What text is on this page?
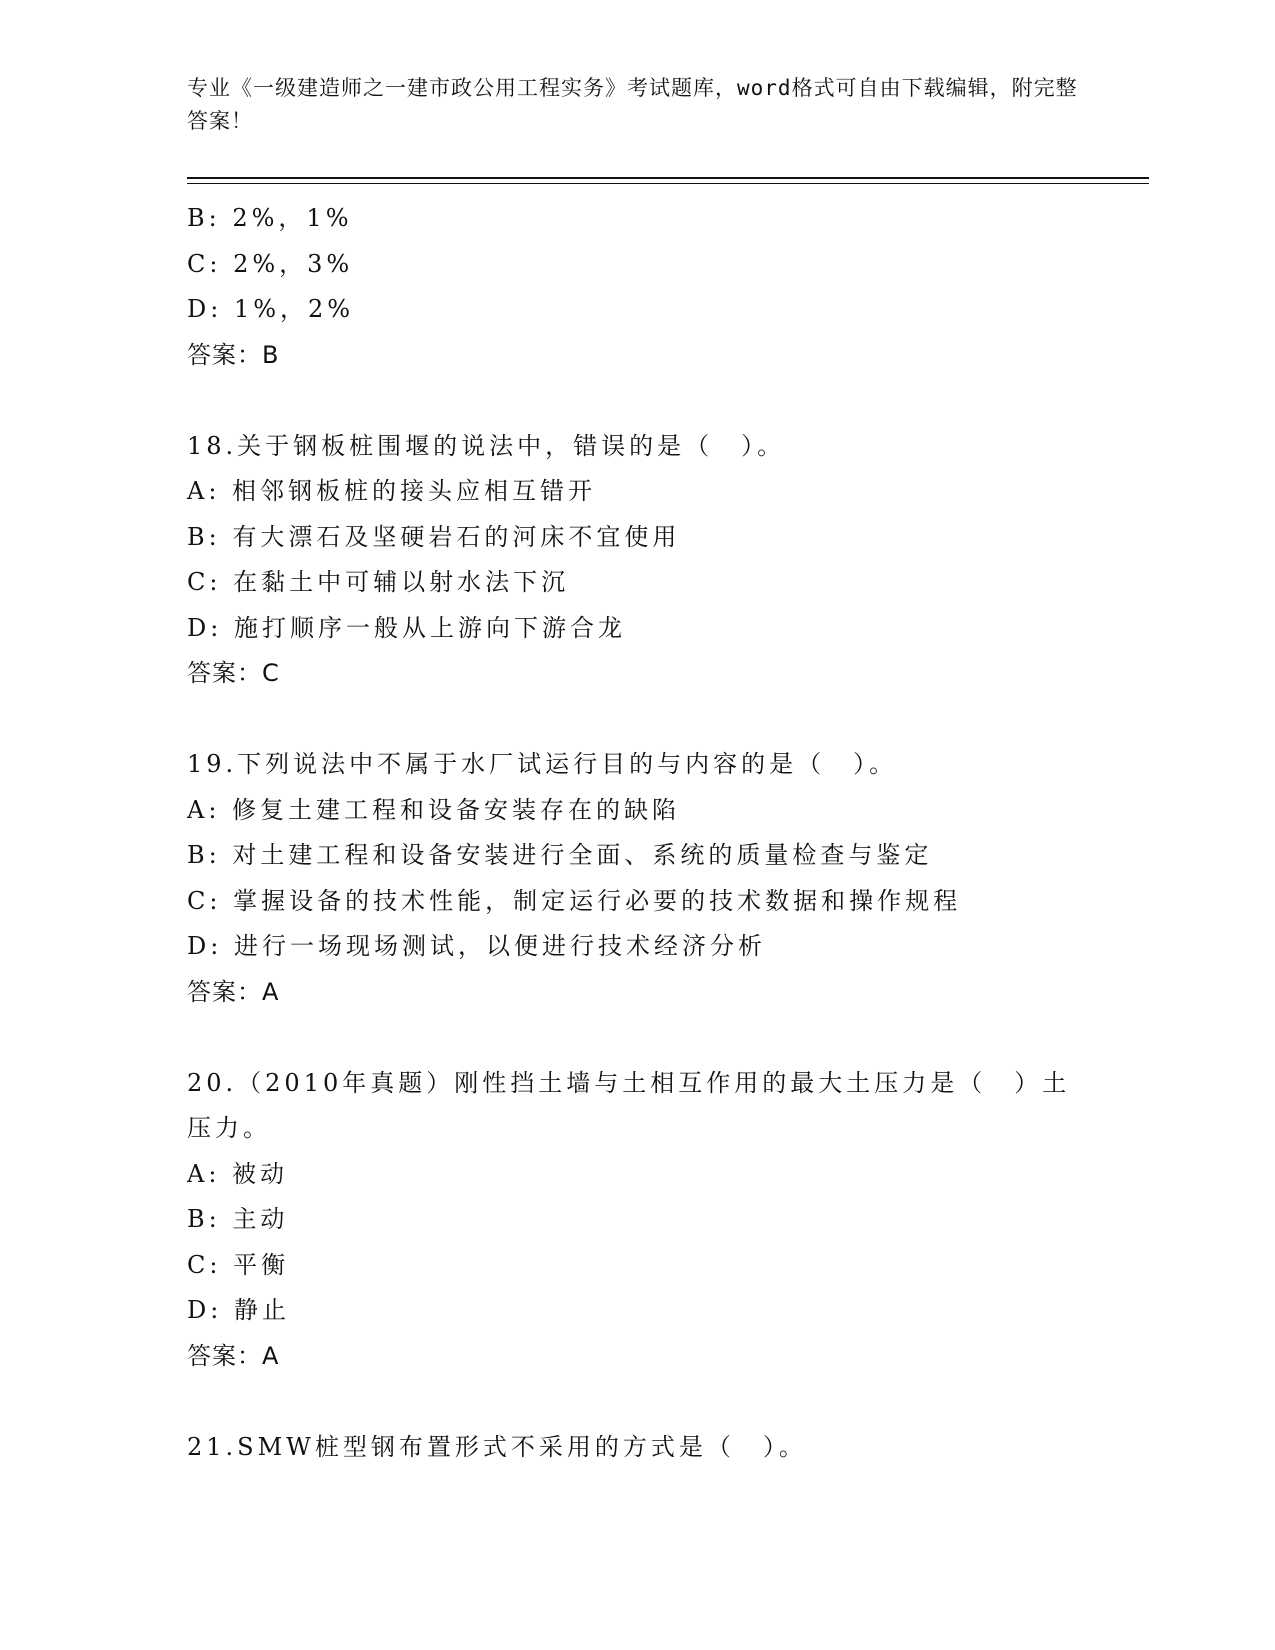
专业《一级建造师之一建市政公用工程实务》考试题库，word格式可自由下载编辑，附完整答案！
B: 2%，1%
C: 2%，3%
D: 1%，2%
答案：B
18.关于钢板桩围堰的说法中，错误的是（　）。
A: 相邻钢板桩的接头应相互错开
B: 有大漂石及坚硬岩石的河床不宜使用
C: 在黏土中可辅以射水法下沉
D: 施打顺序一般从上游向下游合龙
答案：C
19.下列说法中不属于水厂试运行目的与内容的是（　）。
A: 修复土建工程和设备安装存在的缺陷
B: 对土建工程和设备安装进行全面、系统的质量检查与鉴定
C: 掌握设备的技术性能，制定运行必要的技术数据和操作规程
D: 进行一场现场测试，以便进行技术经济分析
答案：A
20.（2010年真题）刚性挡土墙与土相互作用的最大土压力是（　）土压力。
A: 被动
B: 主动
C: 平衡
D: 静止
答案：A
21.SMW桩型钢布置形式不采用的方式是（　）。
